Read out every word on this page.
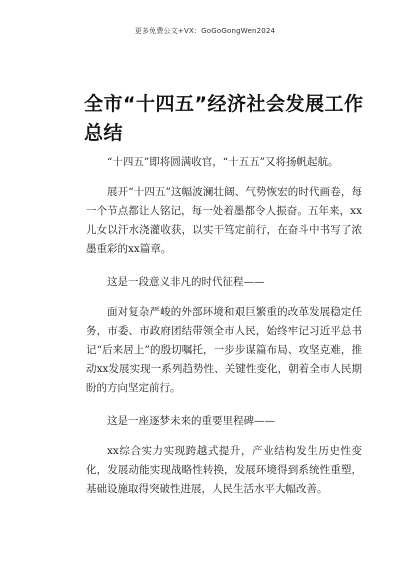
更多免费公文+VX：GoGoGongWen2024
全市“十四五”经济社会发展工作总结

“十四五”即将圆满收官，“十五五”又将扬帆起航。

展开“十四五”这幅波澜壮阔、气势恢宏的时代画卷，每一个节点都让人铭记，每一处着墨都令人振奋。五年来，xx儿女以汗水浇灌收获，以实干笃定前行，在奋斗中书写了浓墨重彩的xx篇章。

这是一段意义非凡的时代征程——

面对复杂严峻的外部环境和艰巨繁重的改革发展稳定任务，市委、市政府团结带领全市人民，始终牢记习近平总书记“后来居上”的殷切嘱托，一步步谋篇布局、攻坚克难，推动xx发展实现一系列趋势性、关键性变化，朝着全市人民期盼的方向坚定前行。

这是一座逐梦未来的重要里程碑——

xx综合实力实现跨越式提升，产业结构发生历史性变化，发展动能实现战略性转换，发展环境得到系统性重塑，基础设施取得突破性进展，人民生活水平大幅改善。
